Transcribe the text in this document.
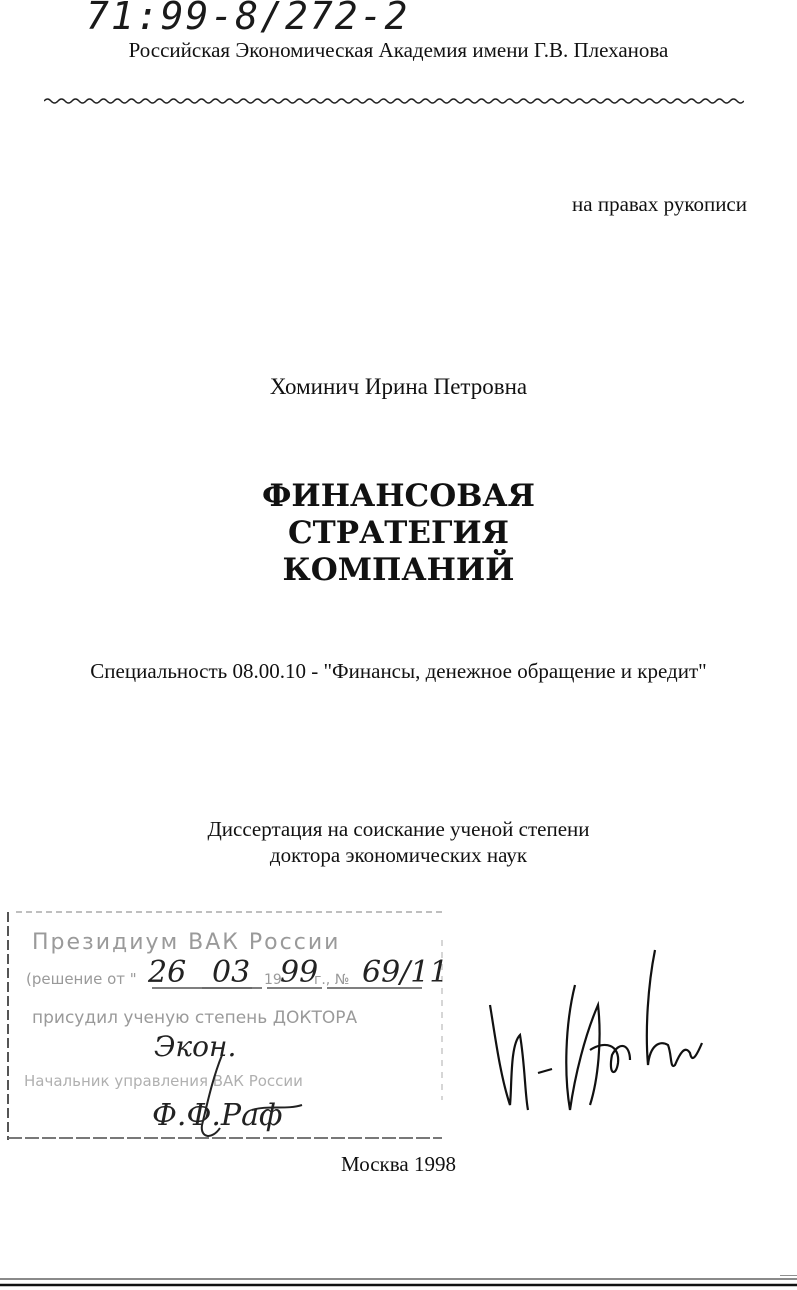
71:99-8/272-2
Российская Экономическая Академия имени Г.В. Плеханова
на правах рукописи
Хоминич Ирина Петровна
ФИНАНСОВАЯ
СТРАТЕГИЯ
КОМПАНИЙ
Специальность 08.00.10 - "Финансы, денежное обращение и кредит"
Диссертация на соискание ученой степени
доктора экономических наук
Президиум ВАК России
(решение от " 26 03 19
99
г., № 69/11
присудил ученую степень ДОКТОРА
Экон.
Начальник управления ВАК России
Ф.Ф.Раф
Москва 1998
